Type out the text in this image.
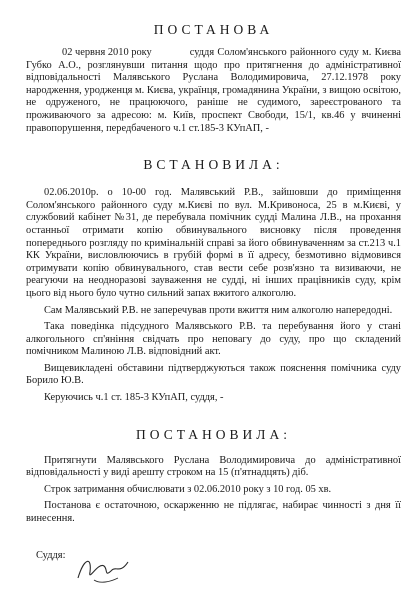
ПОСТАНОВА

02 червня 2010 року	суддя Солом'янського районного суду м. Києва Губко А.О., розглянувши питання щодо про притягнення до адміністративної відповідальності Малявського Руслана Володимировича, 27.12.1978 року народження, уродженця м. Києва, українця, громадянина України, з вищою освітою, не одруженого, не працюючого, раніше не судимого, зареєстрованого та проживаючого за адресою: м. Київ, проспект Свободи, 15/1, кв.46 у вчиненні правопорушення, передбаченого ч.1 ст.185-3 КУпАП, -

ВСТАНОВИЛА:

02.06.2010р. о 10-00 год. Малявський Р.В., зайшовши до приміщення Солом'янського районного суду м.Києві по вул. М.Кривоноса, 25 в м.Києві, у службовий кабінет №31, де перебувала помічник судді Малина Л.В., на прохання останньої отримати копію обвинувального висновку після проведення попереднього розгляду по кримінальній справі за його обвинуваченням за ст.213 ч.1 КК України, висловлюючись в грубій формі в її адресу, безмотивно відмовився отримувати копію обвинувального, став вести себе розв'язно та визиваючи, не реагуючи на неодноразові зауваження не судді, ні інших працівників суду, крім цього від нього було чутно сильний запах вжитого алкоголю.

Сам Малявський Р.В. не заперечував проти вжиття ним алкоголю напередодні.

Така поведінка підсудного Малявського Р.В. та перебування його у стані алкогольного сп'яніння свідчать про неповагу до суду, про що складений помічником Малиною Л.В. відповідний акт.

Вищевикладені обставини підтверджуються також пояснення помічника суду Борило Ю.В.

Керуючись ч.1 ст. 185-3 КУпАП, суддя, -

ПОСТАНОВИЛА:

Притягнути Малявського Руслана Володимировича до адміністративної відповідальності у виді арешту строком на 15 (п'ятнадцять) діб.

Строк затримання обчислювати з 02.06.2010 року з 10 год. 05 хв.

Постанова є остаточною, оскарженню не підлягає, набирає чинності з дня її винесення.

Суддя:
